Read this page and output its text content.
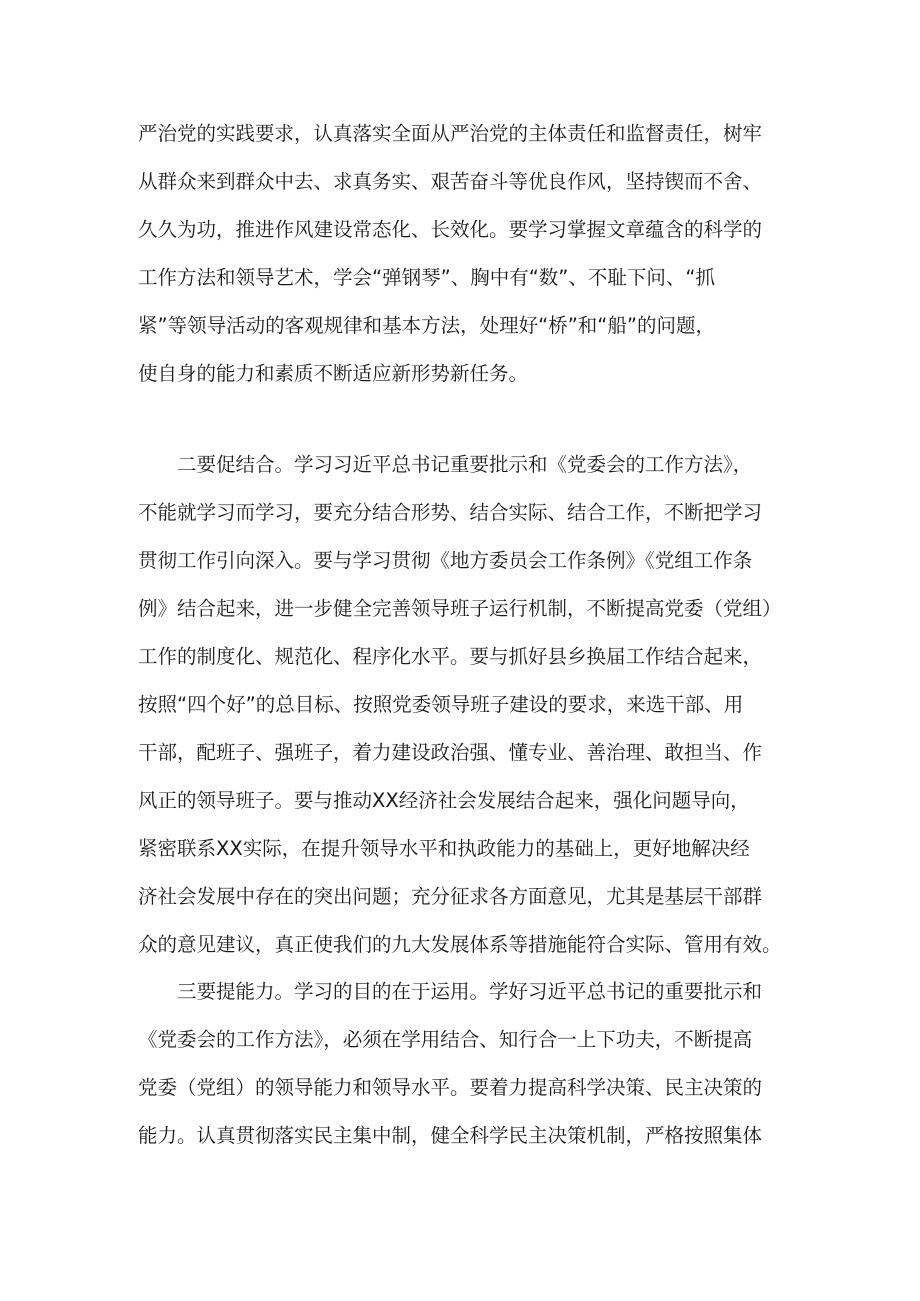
严治党的实践要求，认真落实全面从严治党的主体责任和监督责任，树牢
从群众来到群众中去、求真务实、艰苦奋斗等优良作风，坚持锲而不舍、
久久为功，推进作风建设常态化、长效化。要学习掌握文章蕴含的科学的
工作方法和领导艺术，学会“弹钢琴”、胸中有“数”、不耻下问、“抓
紧”等领导活动的客观规律和基本方法，处理好“桥”和“船”的问题，
使自身的能力和素质不断适应新形势新任务。
　　二要促结合。学习习近平总书记重要批示和《党委会的工作方法》，
不能就学习而学习，要充分结合形势、结合实际、结合工作，不断把学习
贯彻工作引向深入。要与学习贯彻《地方委员会工作条例》《党组工作条
例》结合起来，进一步健全完善领导班子运行机制，不断提高党委（党组）
工作的制度化、规范化、程序化水平。要与抓好县乡换届工作结合起来，
按照“四个好”的总目标、按照党委领导班子建设的要求，来选干部、用
干部，配班子、强班子，着力建设政治强、懂专业、善治理、敢担当、作
风正的领导班子。要与推动XX经济社会发展结合起来，强化问题导向，
紧密联系XX实际，在提升领导水平和执政能力的基础上，更好地解决经
济社会发展中存在的突出问题；充分征求各方面意见，尤其是基层干部群
众的意见建议，真正使我们的九大发展体系等措施能符合实际、管用有效。
　　三要提能力。学习的目的在于运用。学好习近平总书记的重要批示和
《党委会的工作方法》，必须在学用结合、知行合一上下功夫，不断提高
党委（党组）的领导能力和领导水平。要着力提高科学决策、民主决策的
能力。认真贯彻落实民主集中制，健全科学民主决策机制，严格按照集体
